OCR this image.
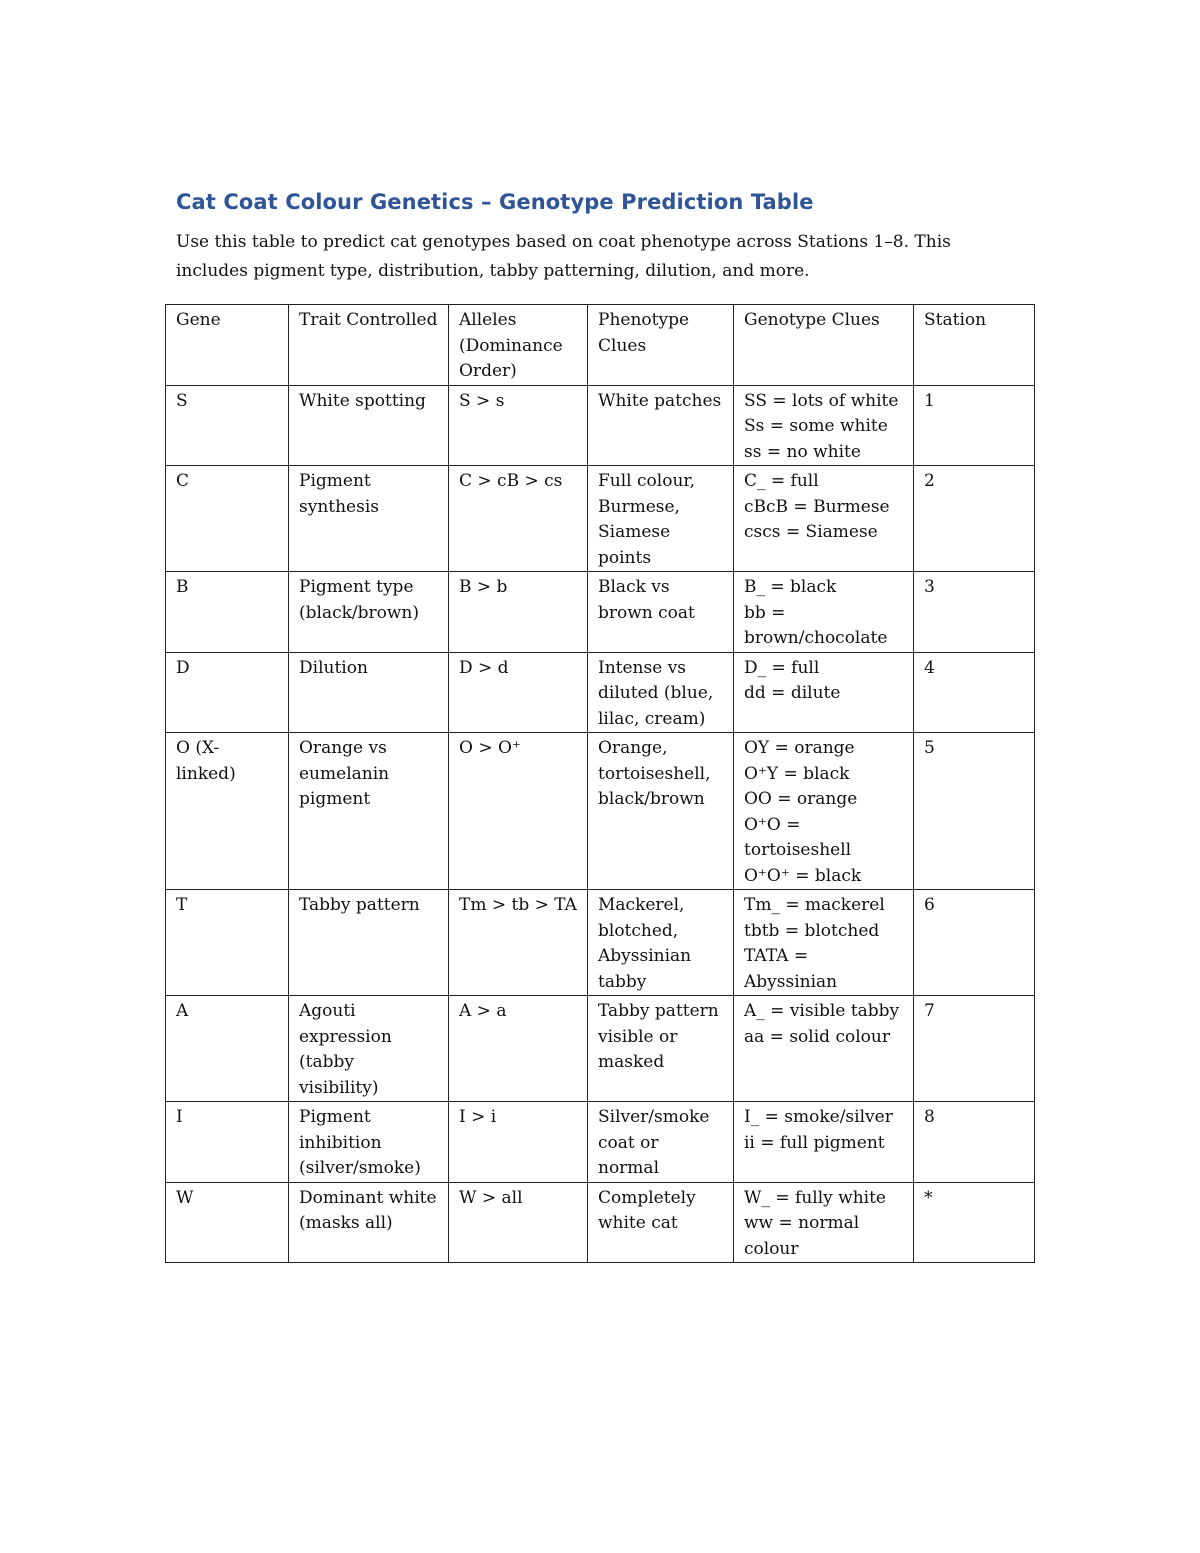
Cat Coat Colour Genetics – Genotype Prediction Table

Use this table to predict cat genotypes based on coat phenotype across Stations 1–8. This includes pigment type, distribution, tabby patterning, dilution, and more.

Gene	Trait Controlled	Alleles (Dominance Order)	Phenotype Clues	Genotype Clues	Station

S	White spotting	S > s	White patches	SS = lots of white
Ss = some white
ss = no white	1

C	Pigment synthesis	C > cB > cs	Full colour, Burmese, Siamese points	C_ = full
cBcB = Burmese
cscs = Siamese	2

B	Pigment type (black/brown)	B > b	Black vs brown coat	B_ = black
bb = brown/chocolate	3

D	Dilution	D > d	Intense vs diluted (blue, lilac, cream)	D_ = full
dd = dilute	4

O (X-linked)	Orange vs eumelanin pigment	O > O⁺	Orange, tortoiseshell, black/brown	OY = orange
O⁺Y = black
OO = orange
O⁺O = tortoiseshell
O⁺O⁺ = black	5

T	Tabby pattern	Tm > tb > TA	Mackerel, blotched, Abyssinian tabby	Tm_ = mackerel
tbtb = blotched
TATA = Abyssinian	6

A	Agouti expression (tabby visibility)	A > a	Tabby pattern visible or masked	A_ = visible tabby
aa = solid colour	7

I	Pigment inhibition (silver/smoke)	I > i	Silver/smoke coat or normal	I_ = smoke/silver
ii = full pigment	8

W	Dominant white (masks all)	W > all	Completely white cat	W_ = fully white
ww = normal colour	*
